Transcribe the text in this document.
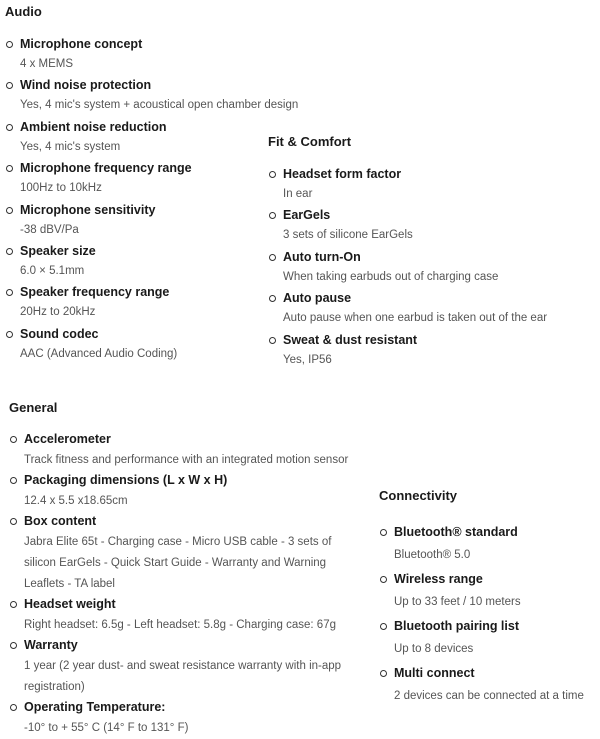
Audio
Microphone concept
4 x MEMS
Wind noise protection
Yes, 4 mic's system + acoustical open chamber design
Ambient noise reduction
Yes, 4 mic's system
Microphone frequency range
100Hz to 10kHz
Microphone sensitivity
-38 dBV/Pa
Speaker size
6.0 × 5.1mm
Speaker frequency range
20Hz to 20kHz
Sound codec
AAC (Advanced Audio Coding)
Fit & Comfort
Headset form factor
In ear
EarGels
3 sets of silicone EarGels
Auto turn-On
When taking earbuds out of charging case
Auto pause
Auto pause when one earbud is taken out of the ear
Sweat & dust resistant
Yes, IP56
General
Accelerometer
Track fitness and performance with an integrated motion sensor
Packaging dimensions (L x W x H)
12.4 x 5.5 x18.65cm
Box content
Jabra Elite 65t - Charging case - Micro USB cable - 3 sets of silicon EarGels - Quick Start Guide - Warranty and Warning Leaflets - TA label
Headset weight
Right headset: 6.5g - Left headset: 5.8g - Charging case: 67g
Warranty
1 year (2 year dust- and sweat resistance warranty with in-app registration)
Operating Temperature:
-10° to + 55° C (14° F to 131° F)
Connectivity
Bluetooth® standard
Bluetooth® 5.0
Wireless range
Up to 33 feet / 10 meters
Bluetooth pairing list
Up to 8 devices
Multi connect
2 devices can be connected at a time
